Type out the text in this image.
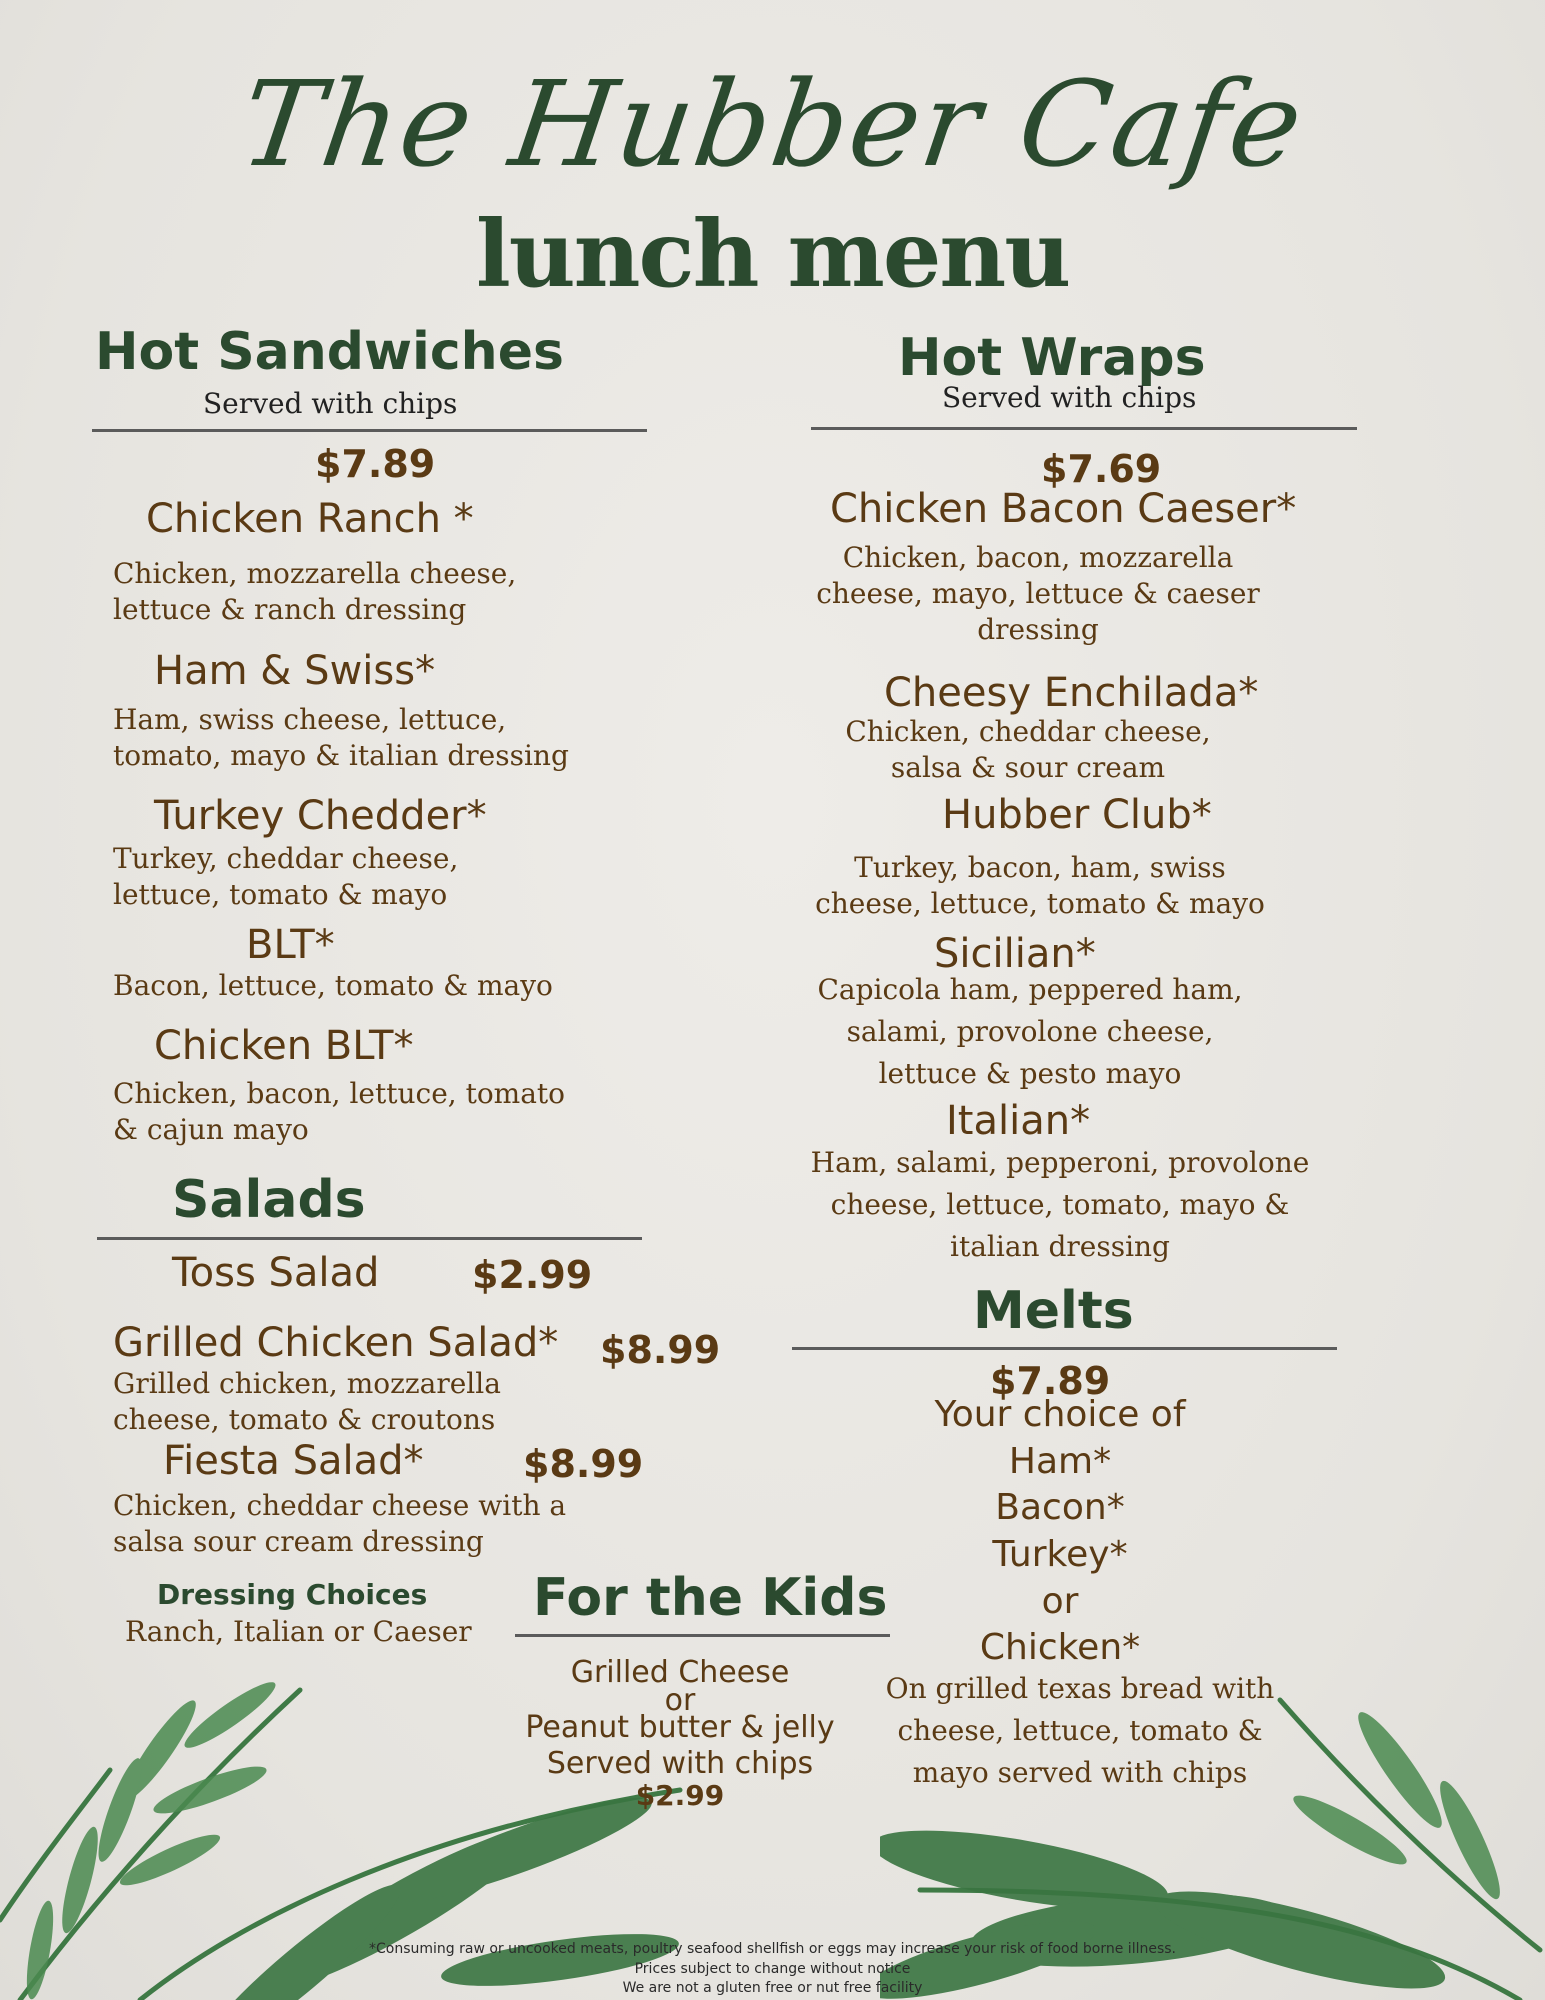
The Hubber Cafe
lunch menu
Hot Sandwiches
Served with chips
$7.89
Chicken Ranch *
Chicken, mozzarella cheese, lettuce & ranch dressing
Ham & Swiss*
Ham, swiss cheese, lettuce, tomato, mayo & italian dressing
Turkey Chedder*
Turkey, cheddar cheese, lettuce, tomato & mayo
BLT*
Bacon, lettuce, tomato & mayo
Chicken BLT*
Chicken, bacon, lettuce, tomato & cajun mayo
Salads
Toss Salad $2.99
Grilled Chicken Salad* $8.99
Grilled chicken, mozzarella cheese, tomato & croutons
Fiesta Salad*	$8.99
Chicken, cheddar cheese with a salsa sour cream dressing
Dressing Choices
Ranch, Italian or Caeser
Hot Wraps
Served with chips
$7.69
Chicken Bacon Caeser*
Chicken, bacon, mozzarella cheese, mayo, lettuce & caeser dressing
Cheesy Enchilada*
Chicken, cheddar cheese, salsa & sour cream
Hubber Club*
Turkey, bacon, ham, swiss cheese, lettuce, tomato & mayo
Sicilian*
Capicola ham, peppered ham, salami, provolone cheese, lettuce & pesto mayo
Italian*
Ham, salami, pepperoni, provolone cheese, lettuce, tomato, mayo & italian dressing
Melts
$7.89
Your choice of
Ham*
Bacon*
Turkey*
or
Chicken*
On grilled texas bread with cheese, lettuce, tomato & mayo served with chips
For the Kids
Grilled Cheese
or
Peanut butter & jelly
Served with chips
$2.99
*Consuming raw or uncooked meats, poultry seafood shellfish or eggs may increase your risk of food borne illness.
Prices subject to change without notice
We are not a gluten free or nut free facility
